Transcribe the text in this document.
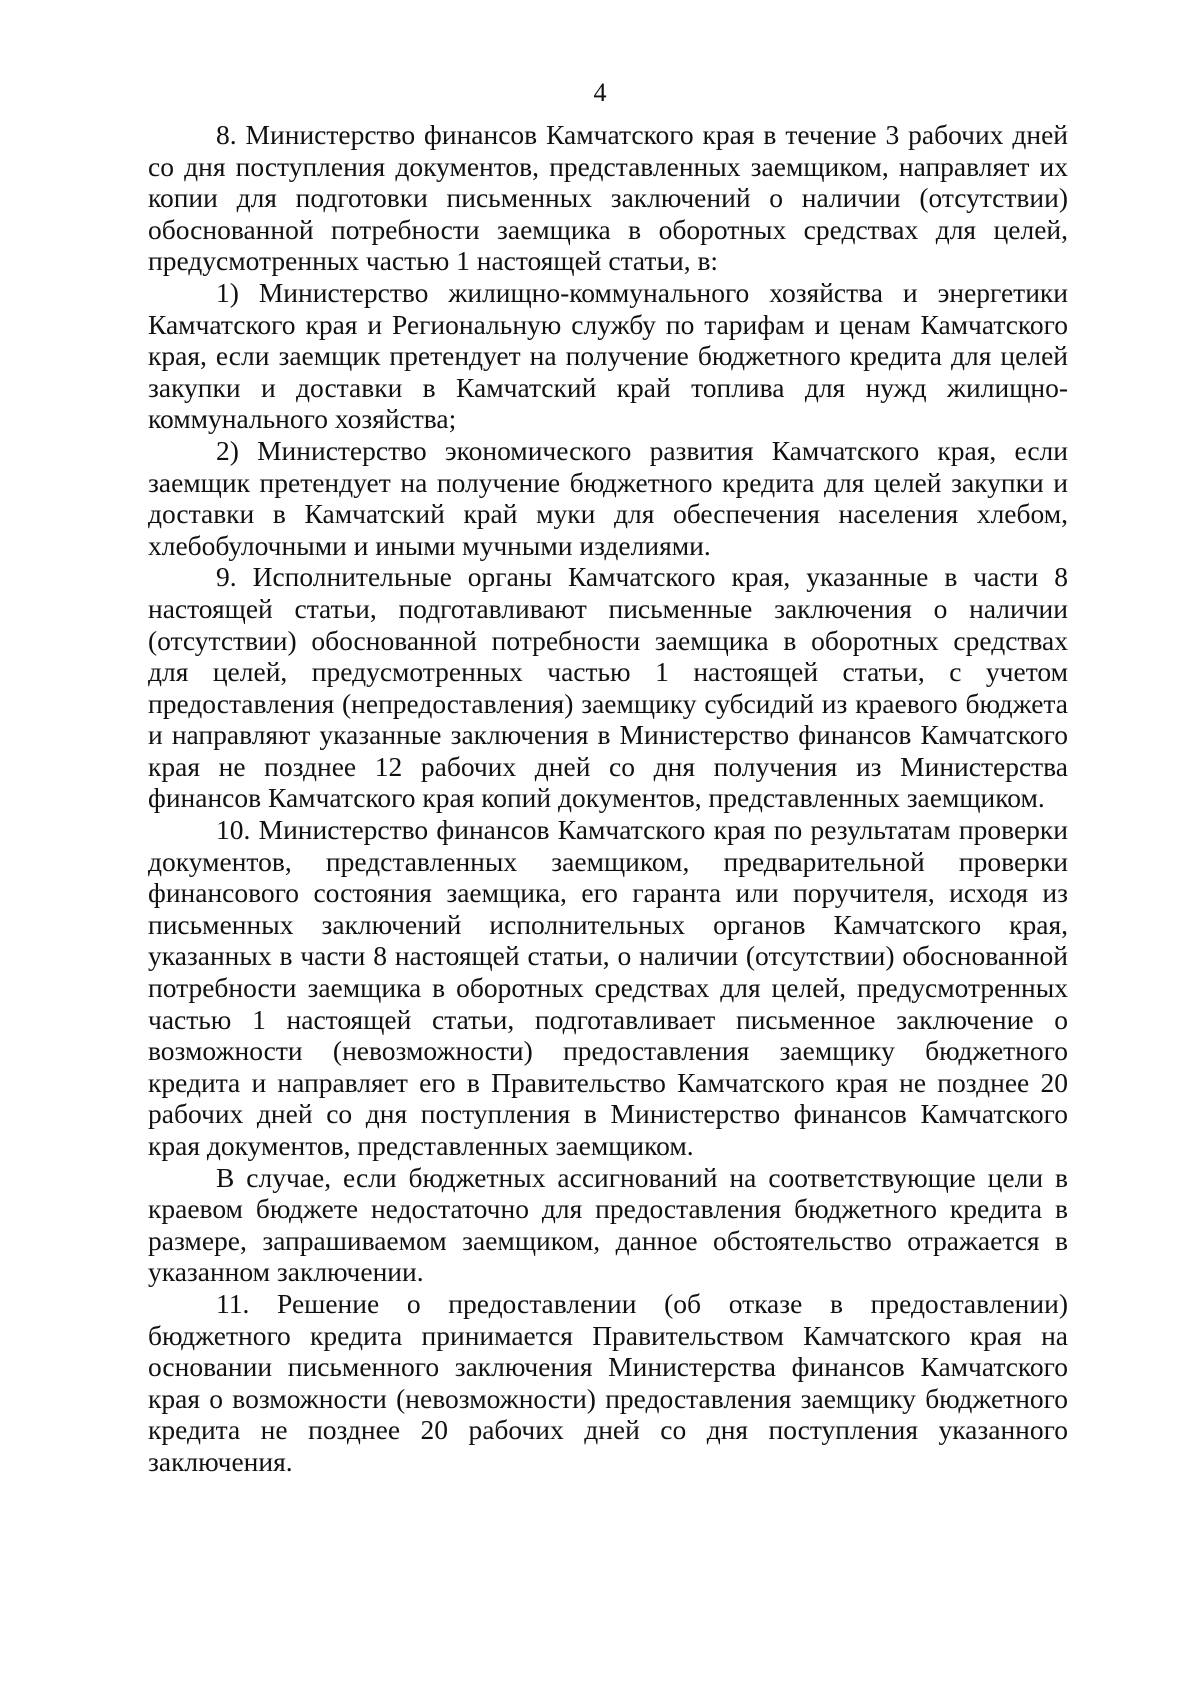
4

8. Министерство финансов Камчатского края в течение 3 рабочих дней со дня поступления документов, представленных заемщиком, направляет их копии для подготовки письменных заключений о наличии (отсутствии) обоснованной потребности заемщика в оборотных средствах для целей, предусмотренных частью 1 настоящей статьи, в:

1) Министерство жилищно-коммунального хозяйства и энергетики Камчатского края и Региональную службу по тарифам и ценам Камчатского края, если заемщик претендует на получение бюджетного кредита для целей закупки и доставки в Камчатский край топлива для нужд жилищно-коммунального хозяйства;

2) Министерство экономического развития Камчатского края, если заемщик претендует на получение бюджетного кредита для целей закупки и доставки в Камчатский край муки для обеспечения населения хлебом, хлебобулочными и иными мучными изделиями.

9. Исполнительные органы Камчатского края, указанные в части 8 настоящей статьи, подготавливают письменные заключения о наличии (отсутствии) обоснованной потребности заемщика в оборотных средствах для целей, предусмотренных частью 1 настоящей статьи, с учетом предоставления (непредоставления) заемщику субсидий из краевого бюджета и направляют указанные заключения в Министерство финансов Камчатского края не позднее 12 рабочих дней со дня получения из Министерства финансов Камчатского края копий документов, представленных заемщиком.

10. Министерство финансов Камчатского края по результатам проверки документов, представленных заемщиком, предварительной проверки финансового состояния заемщика, его гаранта или поручителя, исходя из письменных заключений исполнительных органов Камчатского края, указанных в части 8 настоящей статьи, о наличии (отсутствии) обоснованной потребности заемщика в оборотных средствах для целей, предусмотренных частью 1 настоящей статьи, подготавливает письменное заключение о возможности (невозможности) предоставления заемщику бюджетного кредита и направляет его в Правительство Камчатского края не позднее 20 рабочих дней со дня поступления в Министерство финансов Камчатского края документов, представленных заемщиком.

В случае, если бюджетных ассигнований на соответствующие цели в краевом бюджете недостаточно для предоставления бюджетного кредита в размере, запрашиваемом заемщиком, данное обстоятельство отражается в указанном заключении.

11. Решение о предоставлении (об отказе в предоставлении) бюджетного кредита принимается Правительством Камчатского края на основании письменного заключения Министерства финансов Камчатского края о возможности (невозможности) предоставления заемщику бюджетного кредита не позднее 20 рабочих дней со дня поступления указанного заключения.
